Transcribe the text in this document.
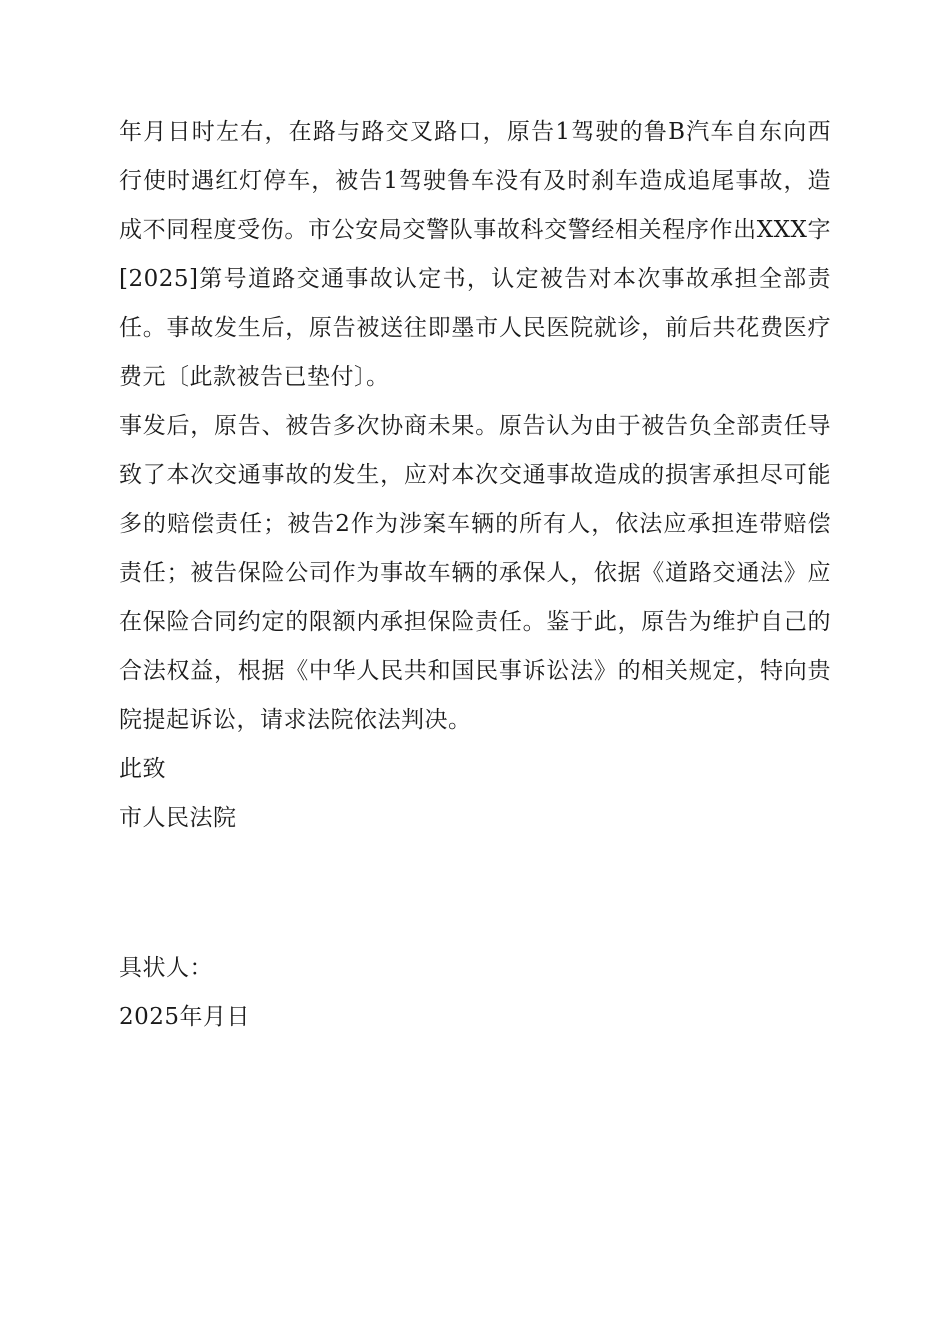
年月日时左右，在路与路交叉路口，原告1驾驶的鲁B汽车自东向西行使时遇红灯停车，被告1驾驶鲁车没有及时刹车造成追尾事故，造成不同程度受伤。市公安局交警队事故科交警经相关程序作出XXX字[2025]第号道路交通事故认定书，认定被告对本次事故承担全部责任。事故发生后，原告被送往即墨市人民医院就诊，前后共花费医疗费元〔此款被告已垫付〕。

事发后，原告、被告多次协商未果。原告认为由于被告负全部责任导致了本次交通事故的发生，应对本次交通事故造成的损害承担尽可能多的赔偿责任；被告2作为涉案车辆的所有人，依法应承担连带赔偿责任；被告保险公司作为事故车辆的承保人，依据《道路交通法》应在保险合同约定的限额内承担保险责任。鉴于此，原告为维护自己的合法权益，根据《中华人民共和国民事诉讼法》的相关规定，特向贵院提起诉讼，请求法院依法判决。

此致

市人民法院

具状人：

2025年月日
